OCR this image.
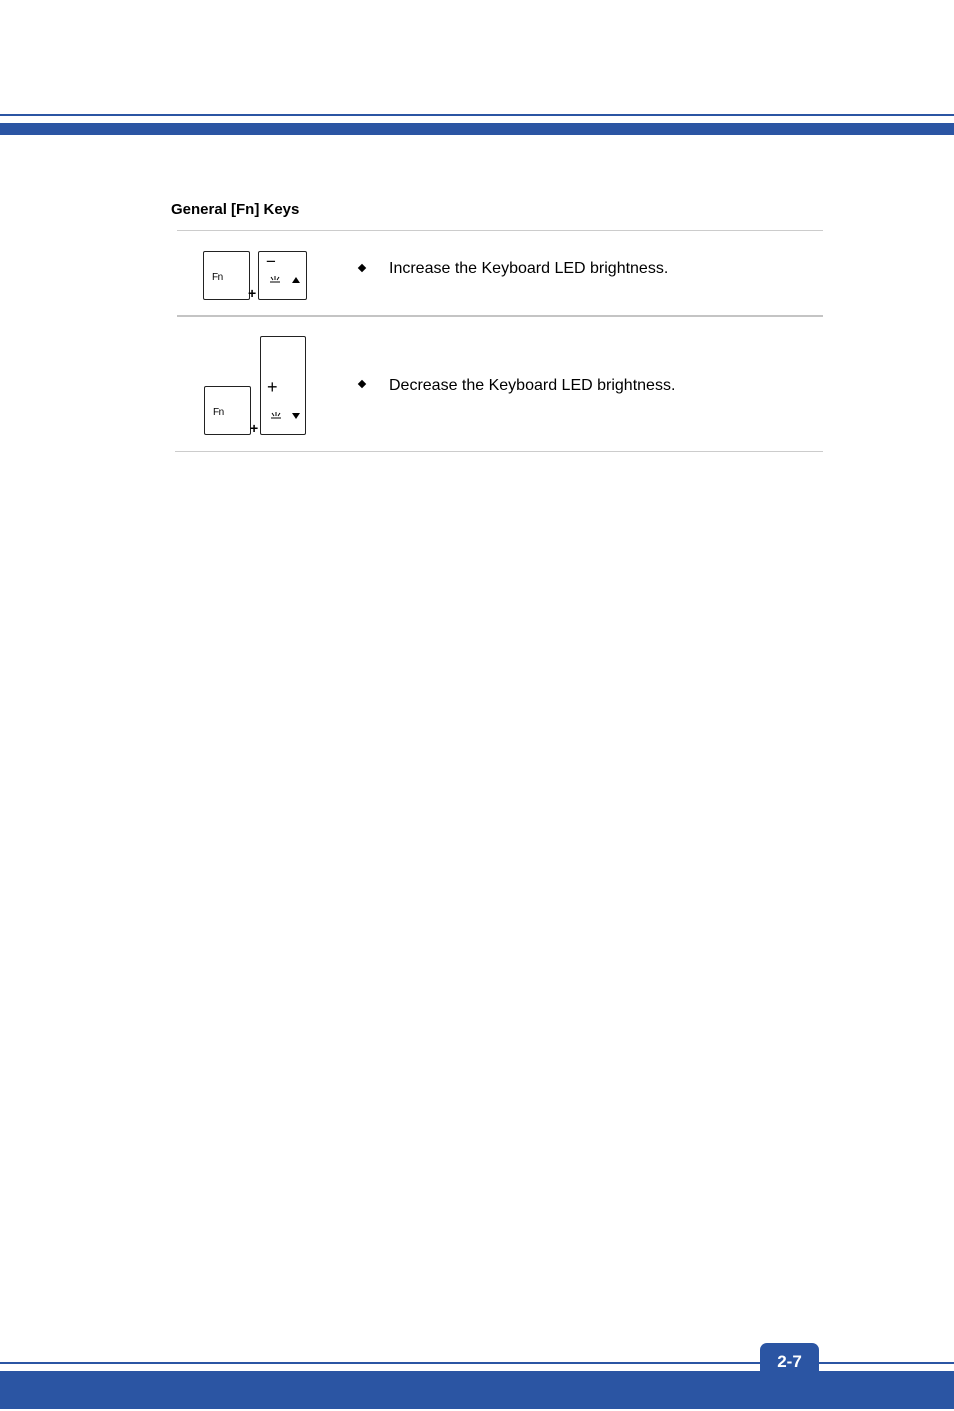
General [Fn] Keys
Fn
+
−	Increase the Keyboard LED brightness.
Fn
+
+	Decrease the Keyboard LED brightness.
2-7
